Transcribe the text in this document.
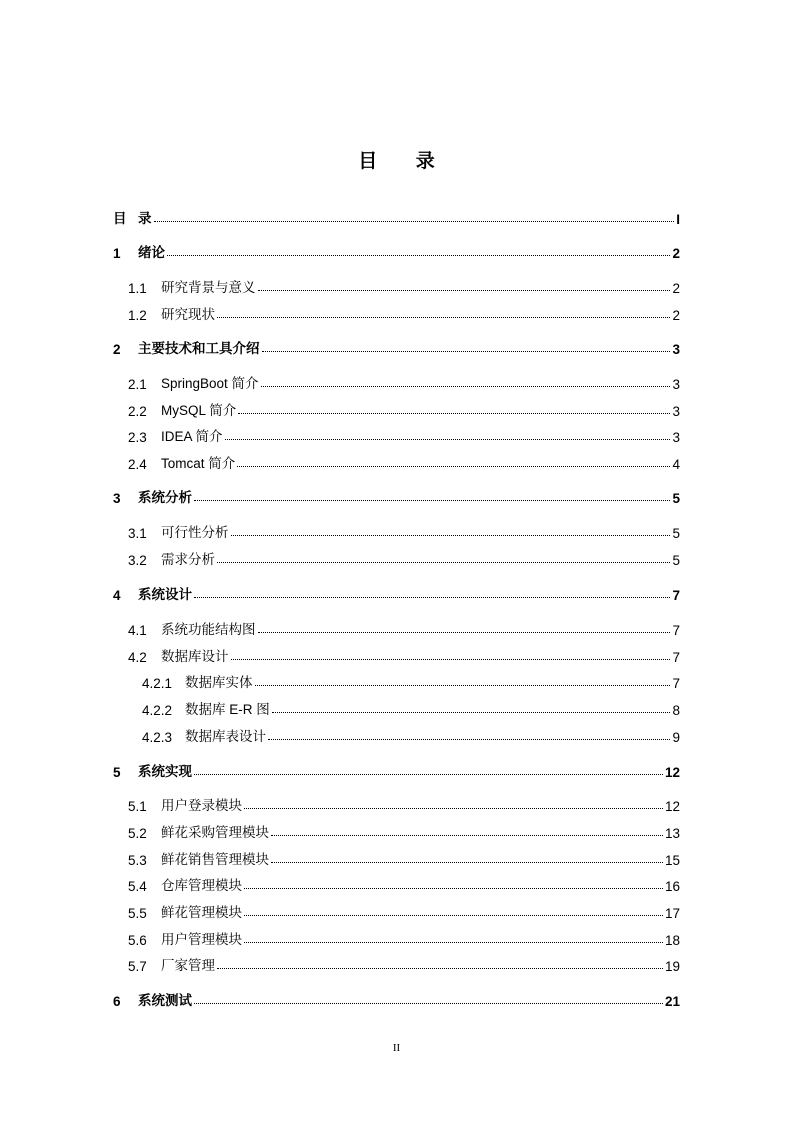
目 录
目 录	I
1	绪论	2
1.1	研究背景与意义	2
1.2	研究现状	2
2	主要技术和工具介绍	3
2.1	SpringBoot 简介	3
2.2	MySQL 简介	3
2.3	IDEA 简介	3
2.4	Tomcat 简介	4
3	系统分析	5
3.1	可行性分析	5
3.2	需求分析	5
4	系统设计	7
4.1	系统功能结构图	7
4.2	数据库设计	7
4.2.1 数据库实体	7
4.2.2 数据库 E-R 图	8
4.2.3 数据库表设计	9
5	系统实现	12
5.1	用户登录模块	12
5.2	鲜花采购管理模块	13
5.3	鲜花销售管理模块	15
5.4	仓库管理模块	16
5.5	鲜花管理模块	17
5.6	用户管理模块	18
5.7	厂家管理	19
6	系统测试	21
II
